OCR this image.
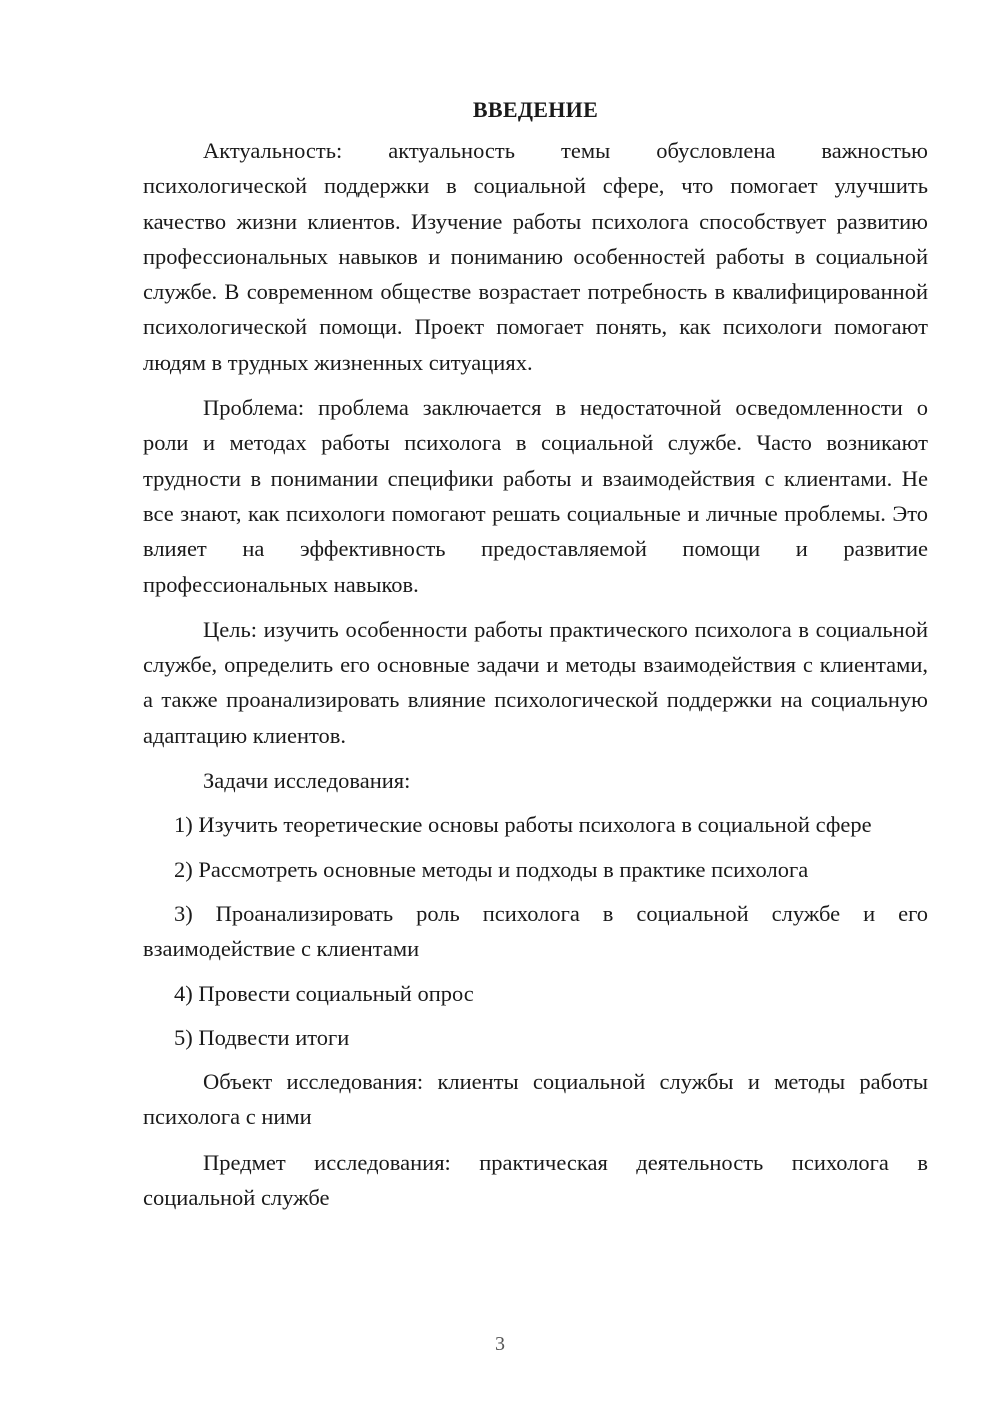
ВВЕДЕНИЕ

Актуальность: актуальность темы обусловлена важностью психологической поддержки в социальной сфере, что помогает улучшить качество жизни клиентов. Изучение работы психолога способствует развитию профессиональных навыков и пониманию особенностей работы в социальной службе. В современном обществе возрастает потребность в квалифицированной психологической помощи. Проект помогает понять, как психологи помогают людям в трудных жизненных ситуациях.

Проблема: проблема заключается в недостаточной осведомленности о роли и методах работы психолога в социальной службе. Часто возникают трудности в понимании специфики работы и взаимодействия с клиентами. Не все знают, как психологи помогают решать социальные и личные проблемы. Это влияет на эффективность предоставляемой помощи и развитие профессиональных навыков.

Цель: изучить особенности работы практического психолога в социальной службе, определить его основные задачи и методы взаимодействия с клиентами, а также проанализировать влияние психологической поддержки на социальную адаптацию клиентов.

Задачи исследования:

1) Изучить теоретические основы работы психолога в социальной сфере

2) Рассмотреть основные методы и подходы в практике психолога

3) Проанализировать роль психолога в социальной службе и его взаимодействие с клиентами

4) Провести социальный опрос

5) Подвести итоги

Объект исследования: клиенты социальной службы и методы работы психолога с ними

Предмет исследования: практическая деятельность психолога в социальной службе

3
